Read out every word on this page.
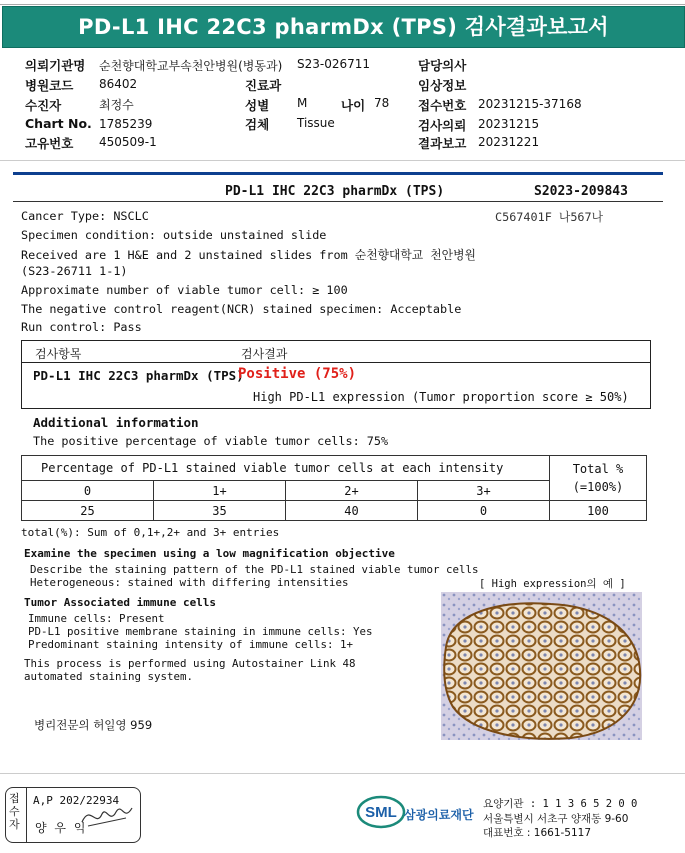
PD-L1 IHC 22C3 pharmDx (TPS) 검사결과보고서
의뢰기관명 순천향대학교부속천안병원(병동과) S23-026711
병원코드 86402	진료과
수진자	최정수	성별 M	나이 78
Chart No. 1785239	검체 Tissue
고유번호 450509-1
담당의사
임상정보
접수번호 20231215-37168
검사의뢰 20231215
결과보고 20231221
PD-L1 IHC 22C3 pharmDx (TPS)	S2023-209843
Cancer Type: NSCLC	C567401F 나567나
Specimen condition: outside unstained slide
Received are 1 H&E and 2 unstained slides from 순천향대학교 천안병원
(S23-26711 1-1)
Approximate number of viable tumor cell: ≥ 100
The negative control reagent(NCR) stained specimen: Acceptable
Run control: Pass
검사항목	검사결과
PD-L1 IHC 22C3 pharmDx (TPS)
Positive (75%)
High PD-L1 expression (Tumor proportion score ≥ 50%)
Additional information
The positive percentage of viable tumor cells: 75%
Percentage of PD-L1 stained viable tumor cells at each intensity				Total %
(=100%)

0	1+	2+	3+	
25	35	40	0	100
total(%): Sum of 0,1+,2+ and 3+ entries
Examine the specimen using a low magnification objective
Describe the staining pattern of the PD-L1 stained viable tumor cells
Heterogeneous: stained with differing intensities	[ High expression의 예 ]
Tumor Associated immune cells
Immune cells: Present
PD-L1 positive membrane staining in immune cells: Yes
Predominant staining intensity of immune cells: 1+
This process is performed using Autostainer Link 48
automated staining system.
병리전문의 허일영 959
접수자
A,P 202/22934
양 우 익
SML 삼광의료재단
요양기관 : 1 1 3 6 5 2 0 0
서울특별시 서초구 양재동 9-60
대표번호 : 1661-5117
